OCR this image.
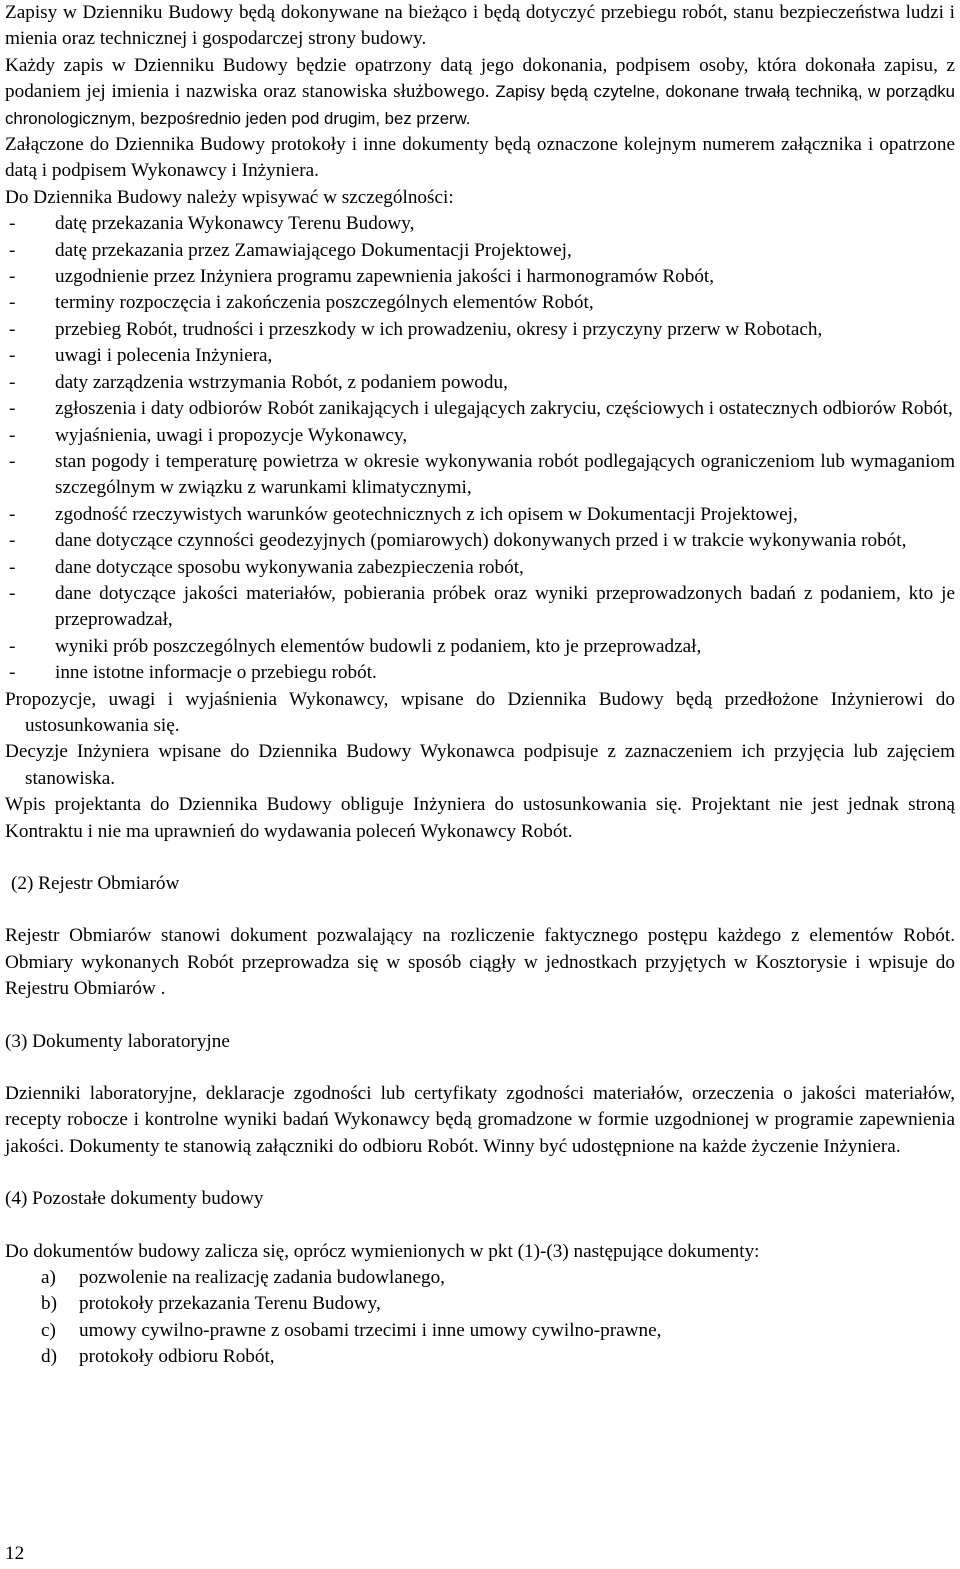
Zapisy w Dzienniku Budowy będą dokonywane na bieżąco i będą dotyczyć przebiegu robót, stanu bezpieczeństwa ludzi i mienia oraz technicznej i gospodarczej strony budowy.

Każdy zapis w Dzienniku Budowy będzie opatrzony datą jego dokonania, podpisem osoby, która dokonała zapisu, z podaniem jej imienia i nazwiska oraz stanowiska służbowego. Zapisy będą czytelne, dokonane trwałą techniką, w porządku chronologicznym, bezpośrednio jeden pod drugim, bez przerw.

Załączone do Dziennika Budowy protokoły i inne dokumenty będą oznaczone kolejnym numerem załącznika i opatrzone datą i podpisem Wykonawcy i Inżyniera.

Do Dziennika Budowy należy wpisywać w szczególności:

-	datę przekazania Wykonawcy Terenu Budowy,
-	datę przekazania przez Zamawiającego Dokumentacji Projektowej,
-	uzgodnienie przez Inżyniera programu zapewnienia jakości i harmonogramów Robót,
-	terminy rozpoczęcia i zakończenia poszczególnych elementów Robót,
-	przebieg Robót, trudności i przeszkody w ich prowadzeniu, okresy i przyczyny przerw w Robotach,
-	uwagi i polecenia Inżyniera,
-	daty zarządzenia wstrzymania Robót, z podaniem powodu,
-	zgłoszenia i daty odbiorów Robót zanikających i ulegających zakryciu, częściowych i ostatecznych odbiorów Robót,
-	wyjaśnienia, uwagi i propozycje Wykonawcy,
-	stan pogody i temperaturę powietrza w okresie wykonywania robót podlegających ograniczeniom lub wymaganiom szczególnym w związku z warunkami klimatycznymi,
-	zgodność rzeczywistych warunków geotechnicznych z ich opisem w Dokumentacji Projektowej,
-	dane dotyczące czynności geodezyjnych (pomiarowych) dokonywanych przed i w trakcie wykonywania robót,
-	dane dotyczące sposobu wykonywania zabezpieczenia robót,
-	dane dotyczące jakości materiałów, pobierania próbek oraz wyniki przeprowadzonych badań z podaniem, kto je przeprowadzał,
-	wyniki prób poszczególnych elementów budowli z podaniem, kto je przeprowadzał,
-	inne istotne informacje o przebiegu robót.

Propozycje, uwagi i wyjaśnienia Wykonawcy, wpisane do Dziennika Budowy będą przedłożone Inżynierowi do ustosunkowania się.

Decyzje Inżyniera wpisane do Dziennika Budowy Wykonawca podpisuje z zaznaczeniem ich przyjęcia lub zajęciem stanowiska.

Wpis projektanta do Dziennika Budowy obliguje Inżyniera do ustosunkowania się. Projektant nie jest jednak stroną Kontraktu i nie ma uprawnień do wydawania poleceń Wykonawcy Robót.

(2) Rejestr Obmiarów

Rejestr Obmiarów stanowi dokument pozwalający na rozliczenie faktycznego postępu każdego z elementów Robót. Obmiary wykonanych Robót przeprowadza się w sposób ciągły w jednostkach przyjętych w Kosztorysie i wpisuje do Rejestru Obmiarów .

(3) Dokumenty laboratoryjne

Dzienniki laboratoryjne, deklaracje zgodności lub certyfikaty zgodności materiałów, orzeczenia o jakości materiałów, recepty robocze i kontrolne wyniki badań Wykonawcy będą gromadzone w formie uzgodnionej w programie zapewnienia jakości. Dokumenty te stanowią załączniki do odbioru Robót. Winny być udostępnione na każde życzenie Inżyniera.

(4) Pozostałe dokumenty budowy

Do dokumentów budowy zalicza się, oprócz wymienionych w pkt (1)-(3) następujące dokumenty:

a)	pozwolenie na realizację zadania budowlanego,
b)	protokoły przekazania Terenu Budowy,
c)	umowy cywilno-prawne z osobami trzecimi i inne umowy cywilno-prawne,
d)	protokoły odbioru Robót,
12
